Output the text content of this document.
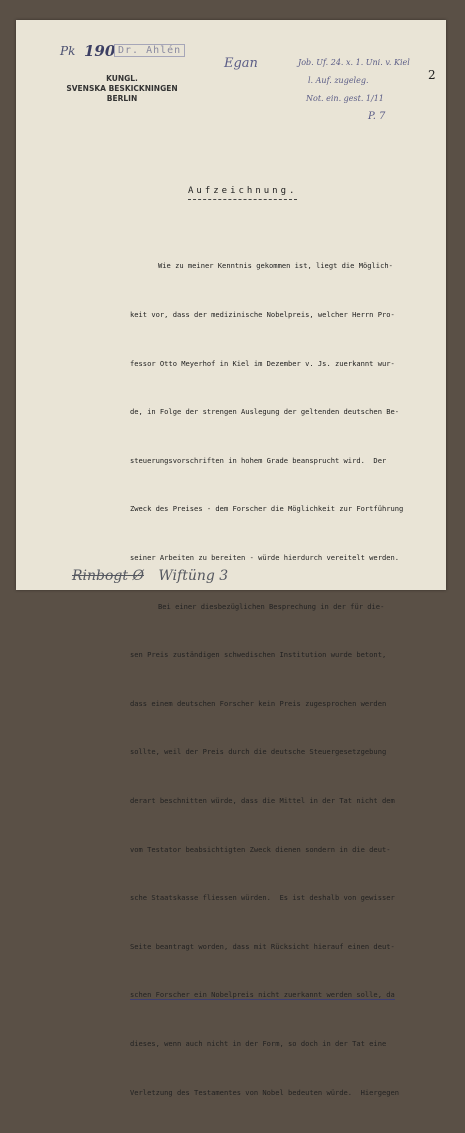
Pk 190 Dr. Ahlén
Egan
KUNGL.
SVENSKA BESKICKNINGEN
BERLIN
Job. Uf. 24. x. 1. Uni. v. Kiel
l. Auf. zugeleg.
Not. ein. gest. 1/11
P. 7
2
Aufzeichnung.

Wie zu meiner Kenntnis gekommen ist, liegt die Möglich-

keit vor, dass der medizinische Nobelpreis, welcher Herrn Pro-

fessor Otto Meyerhof in Kiel im Dezember v. Js. zuerkannt wur-

de, in Folge der strengen Auslegung der geltenden deutschen Be-

steuerungsvorschriften in hohem Grade beansprucht wird.  Der

Zweck des Preises - dem Forscher die Möglichkeit zur Fortführung

seiner Arbeiten zu bereiten - würde hierdurch vereitelt werden.

Bei einer diesbezüglichen Besprechung in der für die-

sen Preis zuständigen schwedischen Institution wurde betont,

dass einem deutschen Forscher kein Preis zugesprochen werden

sollte, weil der Preis durch die deutsche Steuergesetzgebung

derart beschnitten würde, dass die Mittel in der Tat nicht dem

vom Testator beabsichtigten Zweck dienen sondern in die deut-

sche Staatskasse fliessen würden.  Es ist deshalb von gewisser

Seite beantragt worden, dass mit Rücksicht hierauf einen deut-

schen Forscher ein Nobelpreis nicht zuerkannt werden solle, da

dieses, wenn auch nicht in der Form, so doch in der Tat eine

Verletzung des Testamentes von Nobel bedeuten würde.  Hiergegen

Rinbogt Ø Wiftüng 3
